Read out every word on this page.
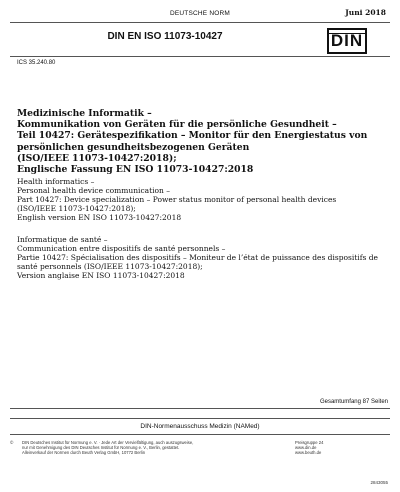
DEUTSCHE NORM	Juni 2018
DIN EN ISO 11073-10427	DIN
ICS 35.240.80
Medizinische Informatik –
Kommunikation von Geräten für die persönliche Gesundheit –
Teil 10427: Gerätespezifikation – Monitor für den Energiestatus von
persönlichen gesundheitsbezogenen Geräten
(ISO/IEEE 11073-10427:2018);
Englische Fassung EN ISO 11073-10427:2018
Health informatics –
Personal health device communication –
Part 10427: Device specialization – Power status monitor of personal health devices
(ISO/IEEE 11073-10427:2018);
English version EN ISO 11073-10427:2018
Informatique de santé –
Communication entre dispositifs de santé personnels –
Partie 10427: Spécialisation des dispositifs – Moniteur de l’état de puissance des dispositifs de
santé personnels (ISO/IEEE 11073-10427:2018);
Version anglaise EN ISO 11073-10427:2018
Gesamtumfang 87 Seiten
DIN-Normenausschuss Medizin (NAMed)
© DIN Deutsches Institut für Normung e. V. · Jede Art der Vervielfältigung, auch auszugsweise,
nur mit Genehmigung des DIN Deutsches Institut für Normung e. V., Berlin, gestattet.
Alleinverkauf der Normen durch Beuth Verlag GmbH, 10772 Berlin
Preisgruppe 24
www.din.de
www.beuth.de
2843055
